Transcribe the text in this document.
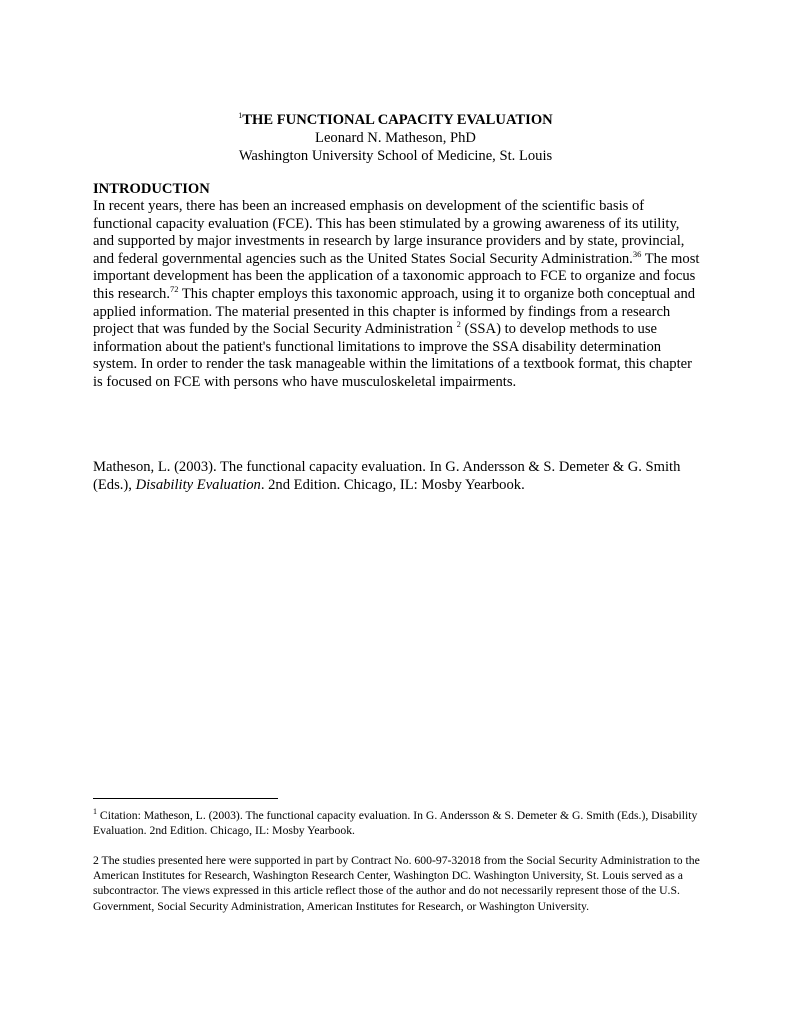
$^1$THE FUNCTIONAL CAPACITY EVALUATION
Leonard N. Matheson, PhD
Washington University School of Medicine, St. Louis
INTRODUCTION
In recent years, there has been an increased emphasis on development of the scientific basis of functional capacity evaluation (FCE). This has been stimulated by a growing awareness of its utility, and supported by major investments in research by large insurance providers and by state, provincial, and federal governmental agencies such as the United States Social Security Administration.$^{36}$ The most important development has been the application of a taxonomic approach to FCE to organize and focus this research.$^{72}$ This chapter employs this taxonomic approach, using it to organize both conceptual and applied information. The material presented in this chapter is informed by findings from a research project that was funded by the Social Security Administration $^2$ (SSA) to develop methods to use information about the patient's functional limitations to improve the SSA disability determination system. In order to render the task manageable within the limitations of a textbook format, this chapter is focused on FCE with persons who have musculoskeletal impairments.
Matheson, L. (2003). The functional capacity evaluation. In G. Andersson & S. Demeter & G. Smith (Eds.), Disability Evaluation. 2nd Edition. Chicago, IL: Mosby Yearbook.
$^1$ Citation: Matheson, L. (2003). The functional capacity evaluation. In G. Andersson & S. Demeter & G. Smith (Eds.), Disability Evaluation. 2nd Edition. Chicago, IL: Mosby Yearbook.
2 The studies presented here were supported in part by Contract No. 600-97-32018 from the Social Security Administration to the American Institutes for Research, Washington Research Center, Washington DC. Washington University, St. Louis served as a subcontractor. The views expressed in this article reflect those of the author and do not necessarily represent those of the U.S. Government, Social Security Administration, American Institutes for Research, or Washington University.
